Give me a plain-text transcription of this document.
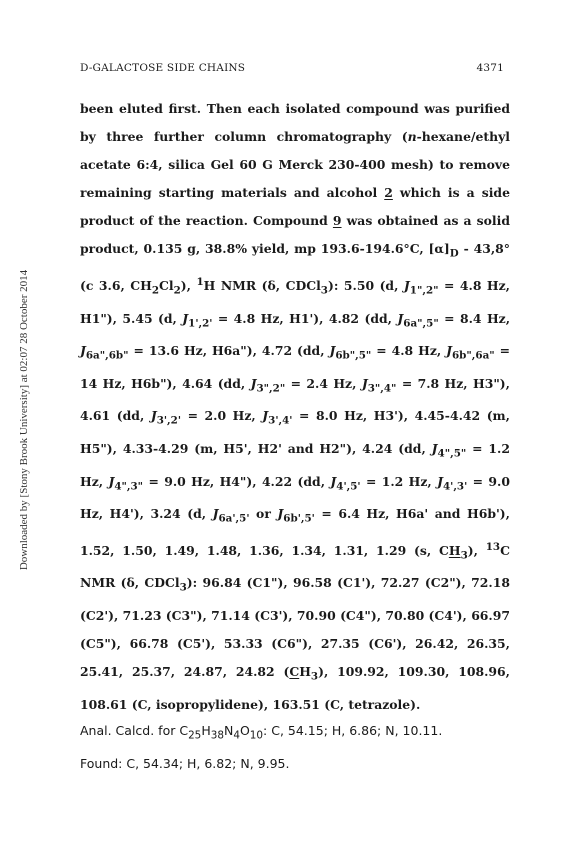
D-GALACTOSE SIDE CHAINS	4371
Downloaded by [Stony Brook University] at 02:07 28 October 2014

been eluted first. Then each isolated compound was purified by three further column chromatography (n-hexane/ethyl acetate 6:4, silica Gel 60 G Merck 230-400 mesh) to remove remaining starting materials and alcohol 2 which is a side product of the reaction. Compound 9 was obtained as a solid product, 0.135 g, 38.8% yield, mp 193.6-194.6°C, $[\alpha]_D - 43,8^\circ$ (c 3.6, $CH_2Cl_2$), $^1$H NMR (δ, CDCl$_3$): 5.50 (d, $J_{1",2"} = 4.8$ Hz, H1"), 5.45 (d, $J_{1',2'} = 4.8$ Hz, H1'), 4.82 (dd, $J_{6a",5"} = 8.4$ Hz, $J_{6a",6b"} = 13.6$ Hz, H6a"), 4.72 (dd, $J_{6b",5"} = 4.8$ Hz, $J_{6b",6a"} = 14$ Hz, H6b"), 4.64 (dd, $J_{3",2"} = 2.4$ Hz, $J_{3",4"} = 7.8$ Hz, H3"), 4.61 (dd, $J_{3',2'} = 2.0$ Hz, $J_{3',4'} = 8.0$ Hz, H3'), 4.45-4.42 (m, H5"), 4.33-4.29 (m, H5', H2' and H2"), 4.24 (dd, $J_{4",5"} = 1.2$ Hz, $J_{4",3"} = 9.0$ Hz, H4"), 4.22 (dd, $J_{4',5'} = 1.2$ Hz, $J_{4',3'} = 9.0$ Hz, H4'), 3.24 (d, $J_{6a',5'}$ or $J_{6b',5'} = 6.4$ Hz, H6a' and H6b'), 1.52, 1.50, 1.49, 1.48, 1.36, 1.34, 1.31, 1.29 (s, $CH_3$), $^{13}$C NMR (δ, CDCl$_3$): 96.84 (C1"), 96.58 (C1'), 72.27 (C2"), 72.18 (C2'), 71.23 (C3"), 71.14 (C3'), 70.90 (C4"), 70.80 (C4'), 66.97 (C5"), 66.78 (C5'), 53.33 (C6"), 27.35 (C6'), 26.42, 26.35, 25.41, 25.37, 24.87, 24.82 $(CH_3)$, 109.92, 109.30, 108.96, 108.61 (C, isopropylidene), 163.51 (C, tetrazole).

Anal. Calcd. for $C_{25}H_{38}N_4O_{10}$: C, 54.15; H, 6.86; N, 10.11.

Found: C, 54.34; H, 6.82; N, 9.95.
